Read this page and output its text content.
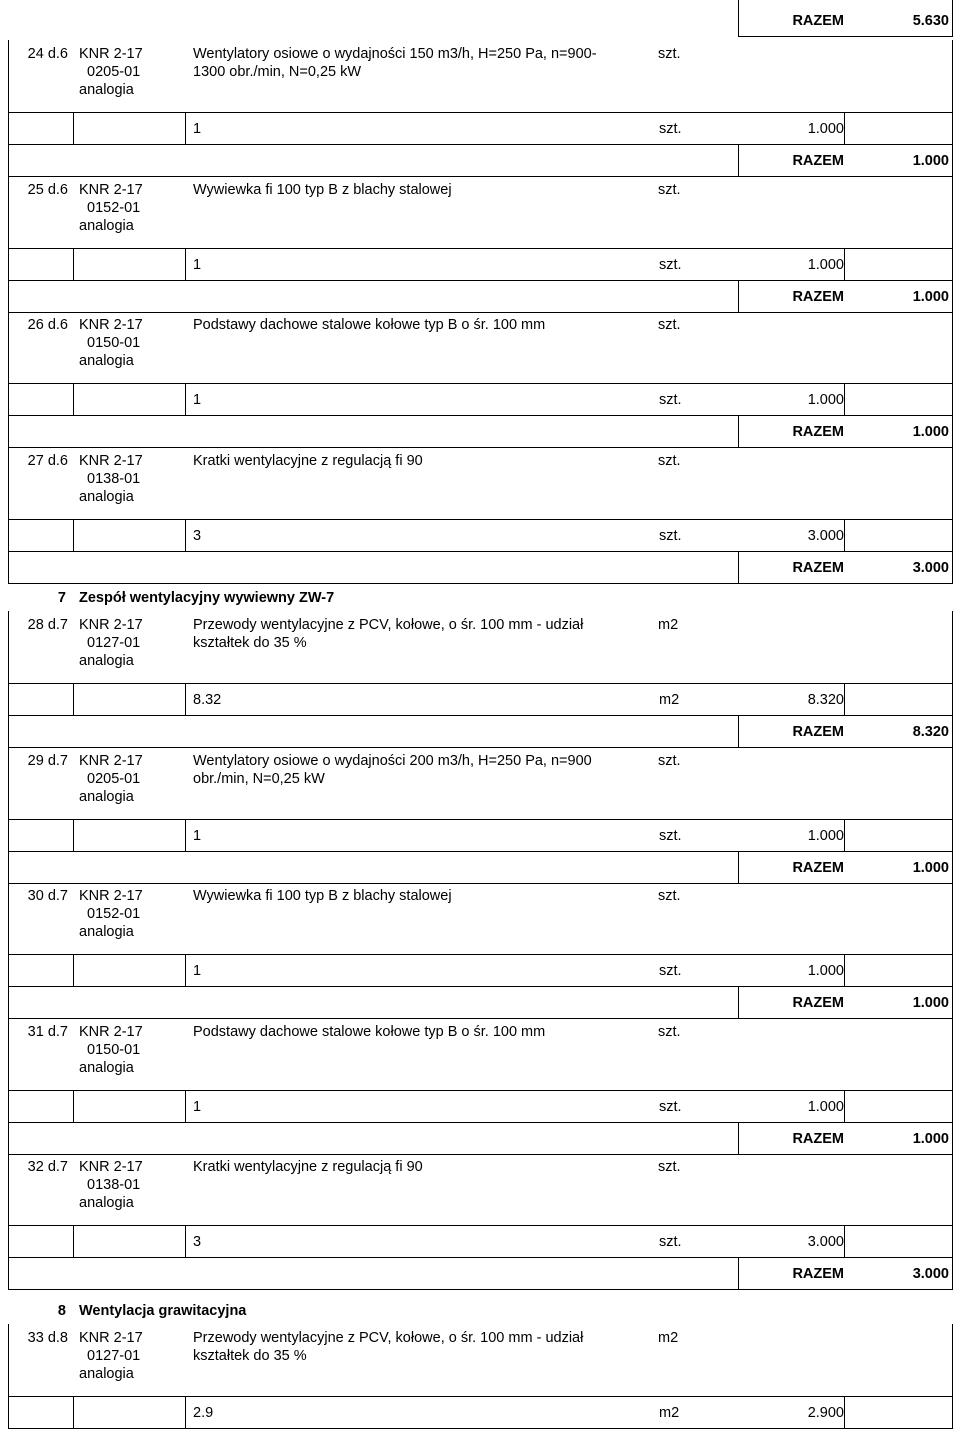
RAZEM	5.630
24 d.6 KNR 2-17
0205-01
analogia
Wentylatory osiowe o wydajności 150 m3/h, H=250 Pa, n=900-
1300 obr./min, N=0,25 kW
szt.
1	szt.	1.000
RAZEM	1.000
25 d.6 KNR 2-17
0152-01
analogia
Wywiewka fi 100 typ B z blachy stalowej	szt.
1	szt.	1.000
RAZEM	1.000
26 d.6 KNR 2-17
0150-01
analogia
Podstawy dachowe stalowe kołowe typ B o śr. 100 mm	szt.
1	szt.	1.000
RAZEM	1.000
27 d.6 KNR 2-17
0138-01
analogia
Kratki wentylacyjne z regulacją fi 90	szt.
3	szt.	3.000
RAZEM	3.000
28 d.7 KNR 2-17
0127-01
analogia
Przewody wentylacyjne z PCV, kołowe, o śr. 100 mm - udział
kształtek do 35 %
m2
8.32	m2	8.320
RAZEM	8.320
29 d.7 KNR 2-17
0205-01
analogia
Wentylatory osiowe o wydajności 200 m3/h, H=250 Pa, n=900
obr./min, N=0,25 kW
szt.
1	szt.	1.000
RAZEM	1.000
30 d.7 KNR 2-17
0152-01
analogia
Wywiewka fi 100 typ B z blachy stalowej	szt.
1	szt.	1.000
RAZEM	1.000
31 d.7 KNR 2-17
0150-01
analogia
Podstawy dachowe stalowe kołowe typ B o śr. 100 mm	szt.
1	szt.	1.000
RAZEM	1.000
32 d.7 KNR 2-17
0138-01
analogia
Kratki wentylacyjne z regulacją fi 90	szt.
3	szt.	3.000
RAZEM	3.000
33 d.8 KNR 2-17
0127-01
analogia
Przewody wentylacyjne z PCV, kołowe, o śr. 100 mm - udział
kształtek do 35 %
m2
2.9	m2	2.900
7 Zespół wentylacyjny wywiewny ZW-7
8 Wentylacja grawitacyjna
